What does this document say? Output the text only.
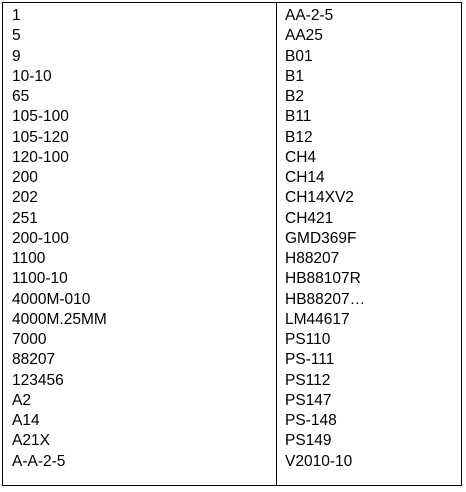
1
5
9
10-10
65
105-100
105-120
120-100
200
202
251
200-100
1100
1100-10
4000M-010
4000M.25MM
7000
88207
123456
A2
A14
A21X
A-A-2-5
AA-2-5
AA25
B01
B1
B2
B11
B12
CH4
CH14
CH14XV2
CH421
GMD369F
H88207
HB88107R
HB88207…
LM44617
PS110
PS-111
PS112
PS147
PS-148
PS149
V2010-10
